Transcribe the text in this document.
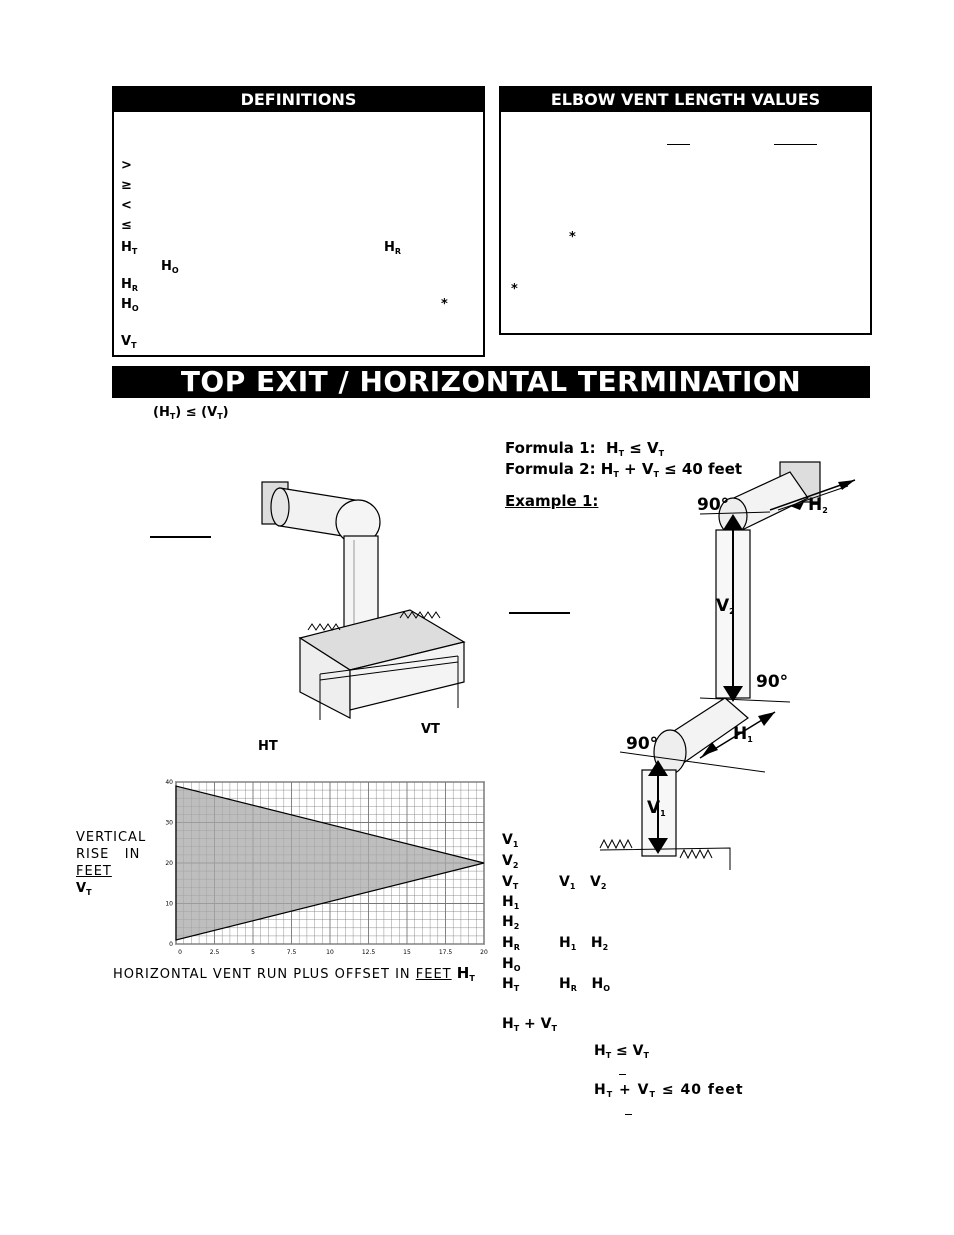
DEFINITIONS
>
≥
<
≤
$H_T$	$H_R$
$H_O$
$H_R$
$H_O$	*
$V_T$
ELBOW VENT LENGTH VALUES
*
*
TOP EXIT / HORIZONTAL TERMINATION
$(H_T) \le (V_T)$
Formula 1:  $H_T \le V_T$
Formula 2: $H_T + V_T \le 40$ feet
Example 1:
VT
HT
90°
90°
90°
$H_2$
$V_2$
$H_1$
$V_1$
0	2.5	5	7.5	10	12.5	15	17.5	20
0
10
20
30
40
VERTICAL
RISE   IN
FEET
$V_T$
HORIZONTAL VENT RUN PLUS OFFSET IN FEET $H_T$
$V_1$
$V_2$
$V_T$	$V_1$   $V_2$
$H_1$
$H_2$
$H_R$	$H_1$   $H_2$
$H_O$
$H_T$	$H_R$   $H_O$
$H_T + V_T$
$H_T \le V_T$
$H_T + V_T \le 40$ feet
